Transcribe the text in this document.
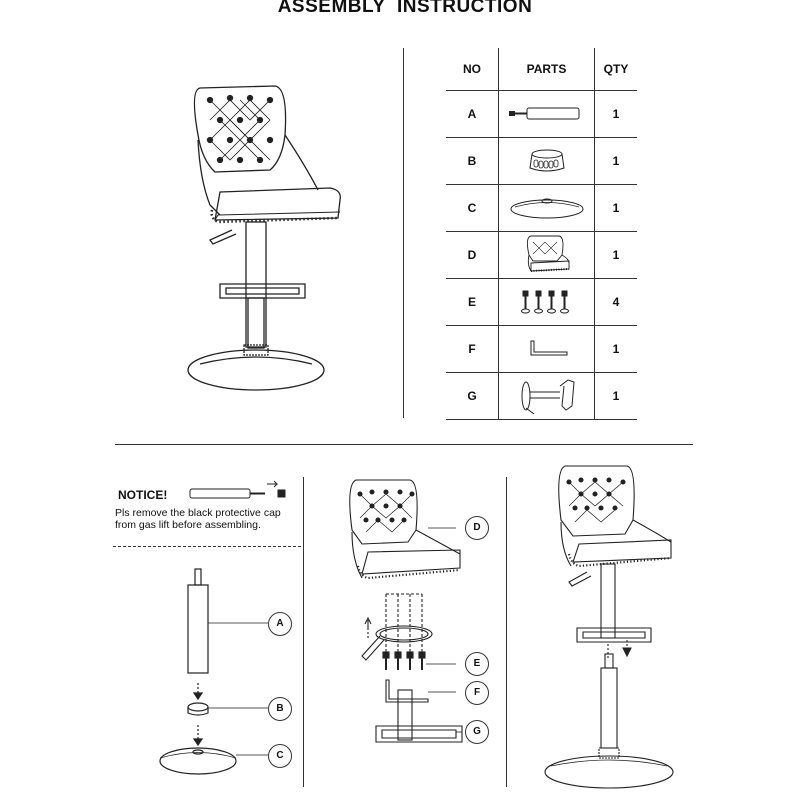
ASSEMBLY INSTRUCTION
NO	PARTS	QTY
A		1
B		1
C		1
D		1
E		4
F		1
G		1
NOTICE!
Pls remove the black protective cap from gas lift before assembling.
A
B
C
D
E
F
G
